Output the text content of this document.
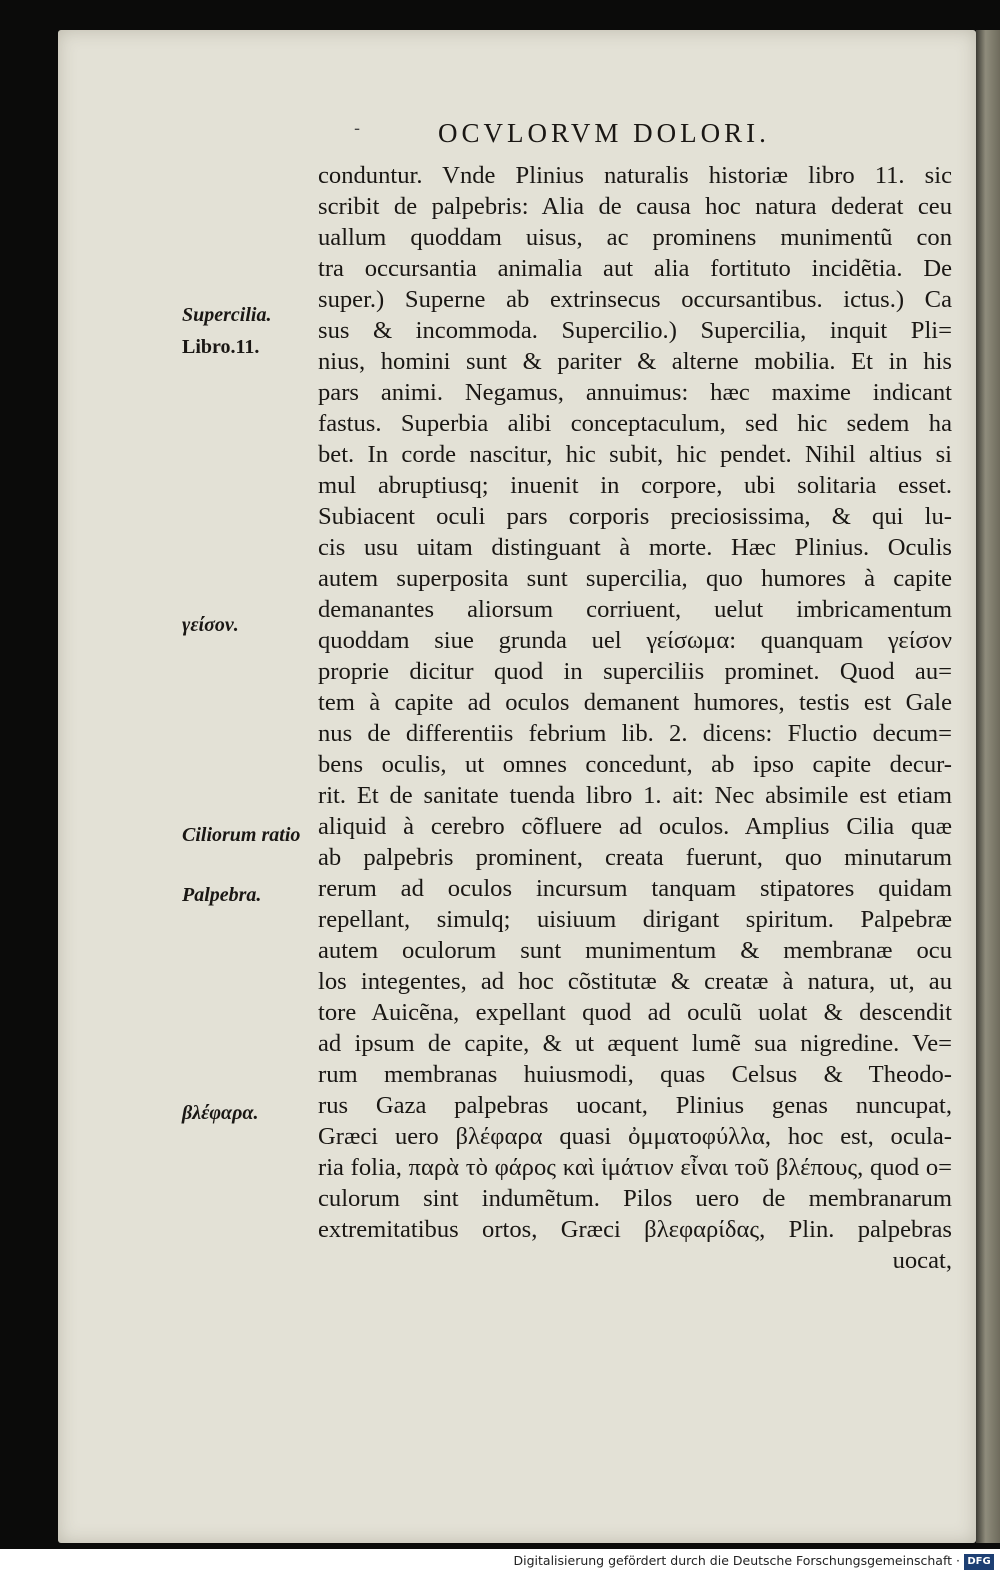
-	OCVLORVM DOLORI.
Supercilia.
Libro.11.
γείσον.
Ciliorum ratio
Palpebra.
βλέφαρα.
conduntur. Vnde Plinius naturalis historiæ libro 11. sic
scribit de palpebris: Alia de causa hoc natura dederat ceu
uallum quoddam uisus, ac prominens munimentũ con
tra occursantia animalia aut alia fortituto incidẽtia. De
super.) Superne ab extrinsecus occursantibus. ictus.) Ca
sus & incommoda. Supercilio.) Supercilia, inquit Pli=
nius, homini sunt & pariter & alterne mobilia. Et in his
pars animi. Negamus, annuimus: hæc maxime indicant
fastus. Superbia alibi conceptaculum, sed hic sedem ha
bet. In corde nascitur, hic subit, hic pendet. Nihil altius si
mul abruptiusq; inuenit in corpore, ubi solitaria esset.
Subiacent oculi pars corporis preciosissima, & qui lu-
cis usu uitam distinguant à morte. Hæc Plinius. Oculis
autem superposita sunt supercilia, quo humores à capite
demanantes aliorsum corriuent, uelut imbricamentum
quoddam siue grunda uel γείσωμα: quanquam γείσον
proprie dicitur quod in superciliis prominet. Quod au=
tem à capite ad oculos demanent humores, testis est Gale
nus de differentiis febrium lib. 2. dicens: Fluctio decum=
bens oculis, ut omnes concedunt, ab ipso capite decur-
rit. Et de sanitate tuenda libro 1. ait: Nec absimile est etiam
aliquid à cerebro cõfluere ad oculos. Amplius Cilia quæ
ab palpebris prominent, creata fuerunt, quo minutarum
rerum ad oculos incursum tanquam stipatores quidam
repellant, simulq; uisiuum dirigant spiritum. Palpebræ
autem oculorum sunt munimentum & membranæ ocu
los integentes, ad hoc cõstitutæ & creatæ à natura, ut, au
tore Auicẽna, expellant quod ad oculũ uolat & descendit
ad ipsum de capite, & ut æquent lumẽ sua nigredine. Ve=
rum membranas huiusmodi, quas Celsus & Theodo-
rus Gaza palpebras uocant, Plinius genas nuncupat,
Græci uero βλέφαρα quasi ὀμματοφύλλα, hoc est, ocula-
ria folia, παρὰ τὸ φάρος καὶ ἱμάτιον εἶναι τοῦ βλέπους, quod o=
culorum sint indumẽtum. Pilos uero de membranarum
extremitatibus ortos, Græci βλεφαρίδας, Plin. palpebras
uocat,
Digitalisierung gefördert durch die Deutsche Forschungsgemeinschaft · DFG
